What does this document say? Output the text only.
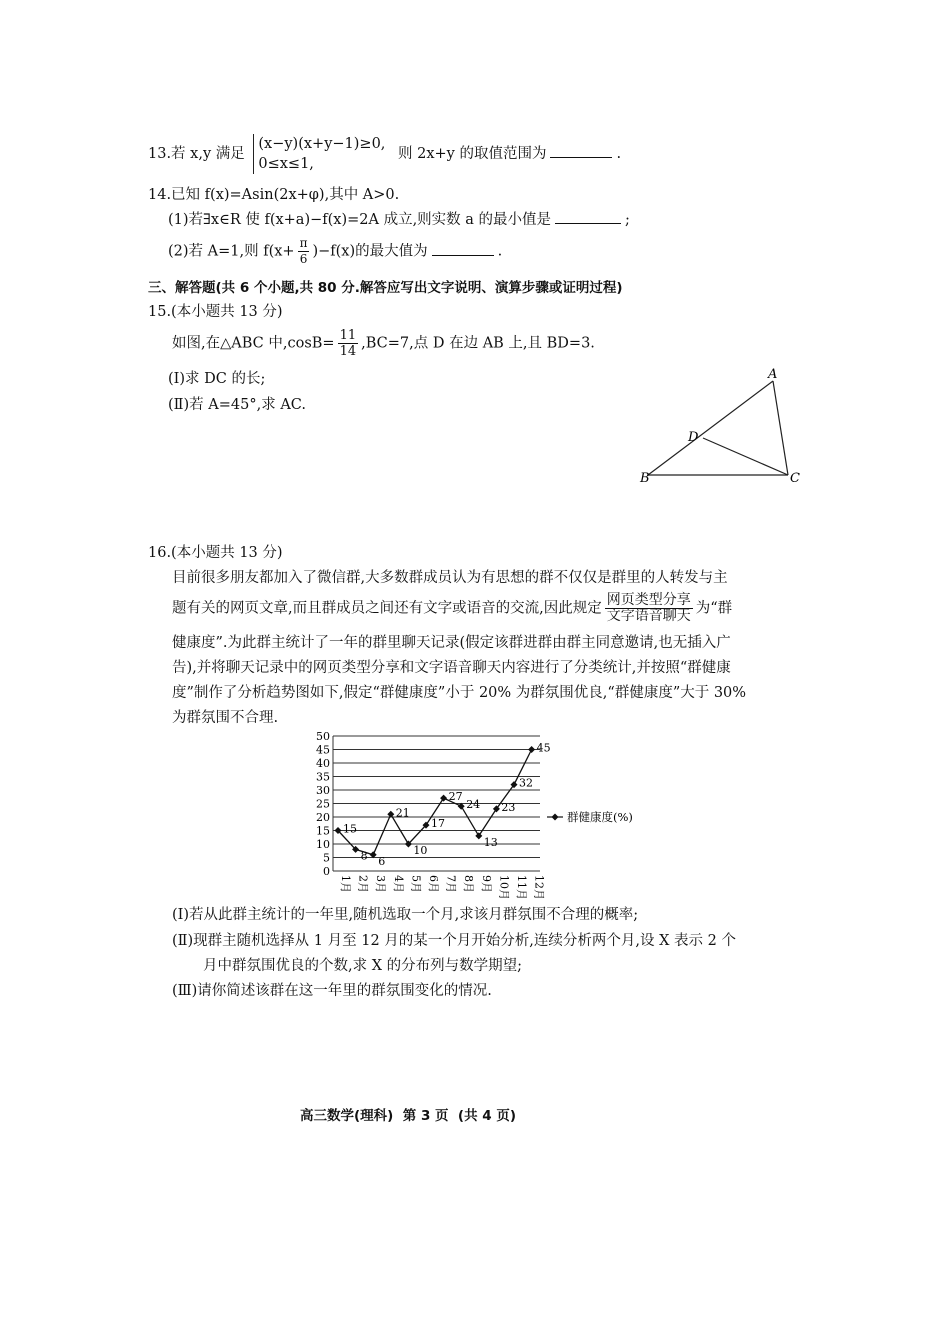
13.若 x,y 满足
(x−y)(x+y−1)≥0,
0≤x≤1,
则 2x+y 的取值范围为	.
14.已知 f(x)=Asin(2x+φ),其中 A>0.
(1)若∃x∈R 使 f(x+a)−f(x)=2A 成立,则实数 a 的最小值是	;
(2)若 A=1,则 $f(x+ \frac{\pi}{6} )-f(x)$的最大值为	.
三、解答题(共 6 个小题,共 80 分.解答应写出文字说明、演算步骤或证明过程)
15.(本小题共 13 分)
如图,在△ABC 中$,\cos B= \frac{11}{14} ,BC=7$,点 D 在边 AB 上,且 BD=3.
(Ⅰ)求 DC 的长;
(Ⅱ)若 A=45°,求 AC.
A
B	C
D
16.(本小题共 13 分)
目前很多朋友都加入了微信群,大多数群成员认为有思想的群不仅仅是群里的人转发与主
题有关的网页文章,而且群成员之间还有文字或语音的交流,因此规定 $\frac{\text{网页类型分享}}{\text{文字语音聊天}}$ 为“群
健康度”.为此群主统计了一年的群里聊天记录(假定该群进群由群主同意邀请,也无插入广
告),并将聊天记录中的网页类型分享和文字语音聊天内容进行了分类统计,并按照“群健康
度”制作了分析趋势图如下,假定“群健康度”小于 20% 为群氛围优良,“群健康度”大于 30%
为群氛围不合理.
0
5
10
15
20
25
30
35
40
45
50
1月 2月 3月 4月 5月 6月 7月 8月 9月 10月 11月 12月
15
8 6
21
10
17
27
24
13
23
32
45
群健康度(%)
(Ⅰ)若从此群主统计的一年里,随机选取一个月,求该月群氛围不合理的概率;
(Ⅱ)现群主随机选择从 1 月至 12 月的某一个月开始分析,连续分析两个月,设 X 表示 2 个
月中群氛围优良的个数,求 X 的分布列与数学期望;
(Ⅲ)请你简述该群在这一年里的群氛围变化的情况.
高三数学(理科)  第 3 页  (共 4 页)
